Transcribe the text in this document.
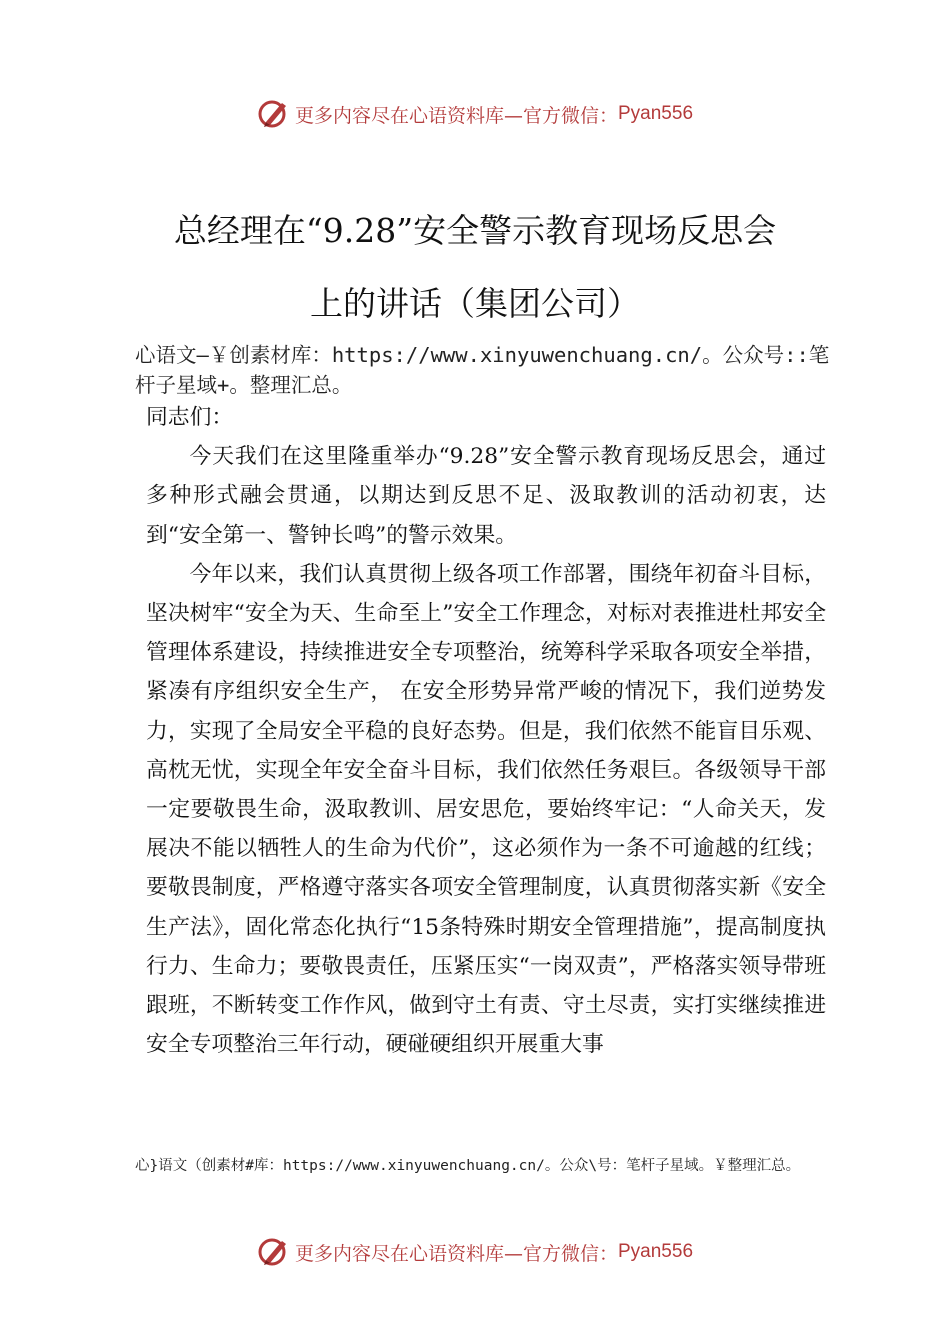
更多内容尽在心语资料库—官方微信： Pyan556
总经理在“9.28”安全警示教育现场反思会
上的讲话（集团公司）
心语文—￥创素材库：https://www.xinyuwenchuang.cn/。公众号::笔杆子星域+。整理汇总。

同志们：

今天我们在这里隆重举办“9.28”安全警示教育现场反思会，通过多种形式融会贯通，以期达到反思不足、汲取教训的活动初衷，达到“安全第一、警钟长鸣”的警示效果。

今年以来，我们认真贯彻上级各项工作部署，围绕年初奋斗目标，坚决树牢“安全为天、生命至上”安全工作理念，对标对表推进杜邦安全管理体系建设，持续推进安全专项整治，统筹科学采取各项安全举措，紧凑有序组织安全生产， 在安全形势异常严峻的情况下，我们逆势发力，实现了全局安全平稳的良好态势。但是，我们依然不能盲目乐观、高枕无忧，实现全年安全奋斗目标，我们依然任务艰巨。各级领导干部一定要敬畏生命，汲取教训、居安思危，要始终牢记：“人命关天，发展决不能以牺牲人的生命为代价”，这必须作为一条不可逾越的红线；要敬畏制度，严格遵守落实各项安全管理制度，认真贯彻落实新《安全生产法》，固化常态化执行“15条特殊时期安全管理措施”，提高制度执行力、生命力；要敬畏责任，压紧压实“一岗双责”，严格落实领导带班跟班，不断转变工作作风，做到守土有责、守土尽责，实打实继续推进安全专项整治三年行动，硬碰硬组织开展重大事

心}语文（创素材#库：https://www.xinyuwenchuang.cn/。公众\号：笔杆子星域。￥整理汇总。
更多内容尽在心语资料库—官方微信： Pyan556
